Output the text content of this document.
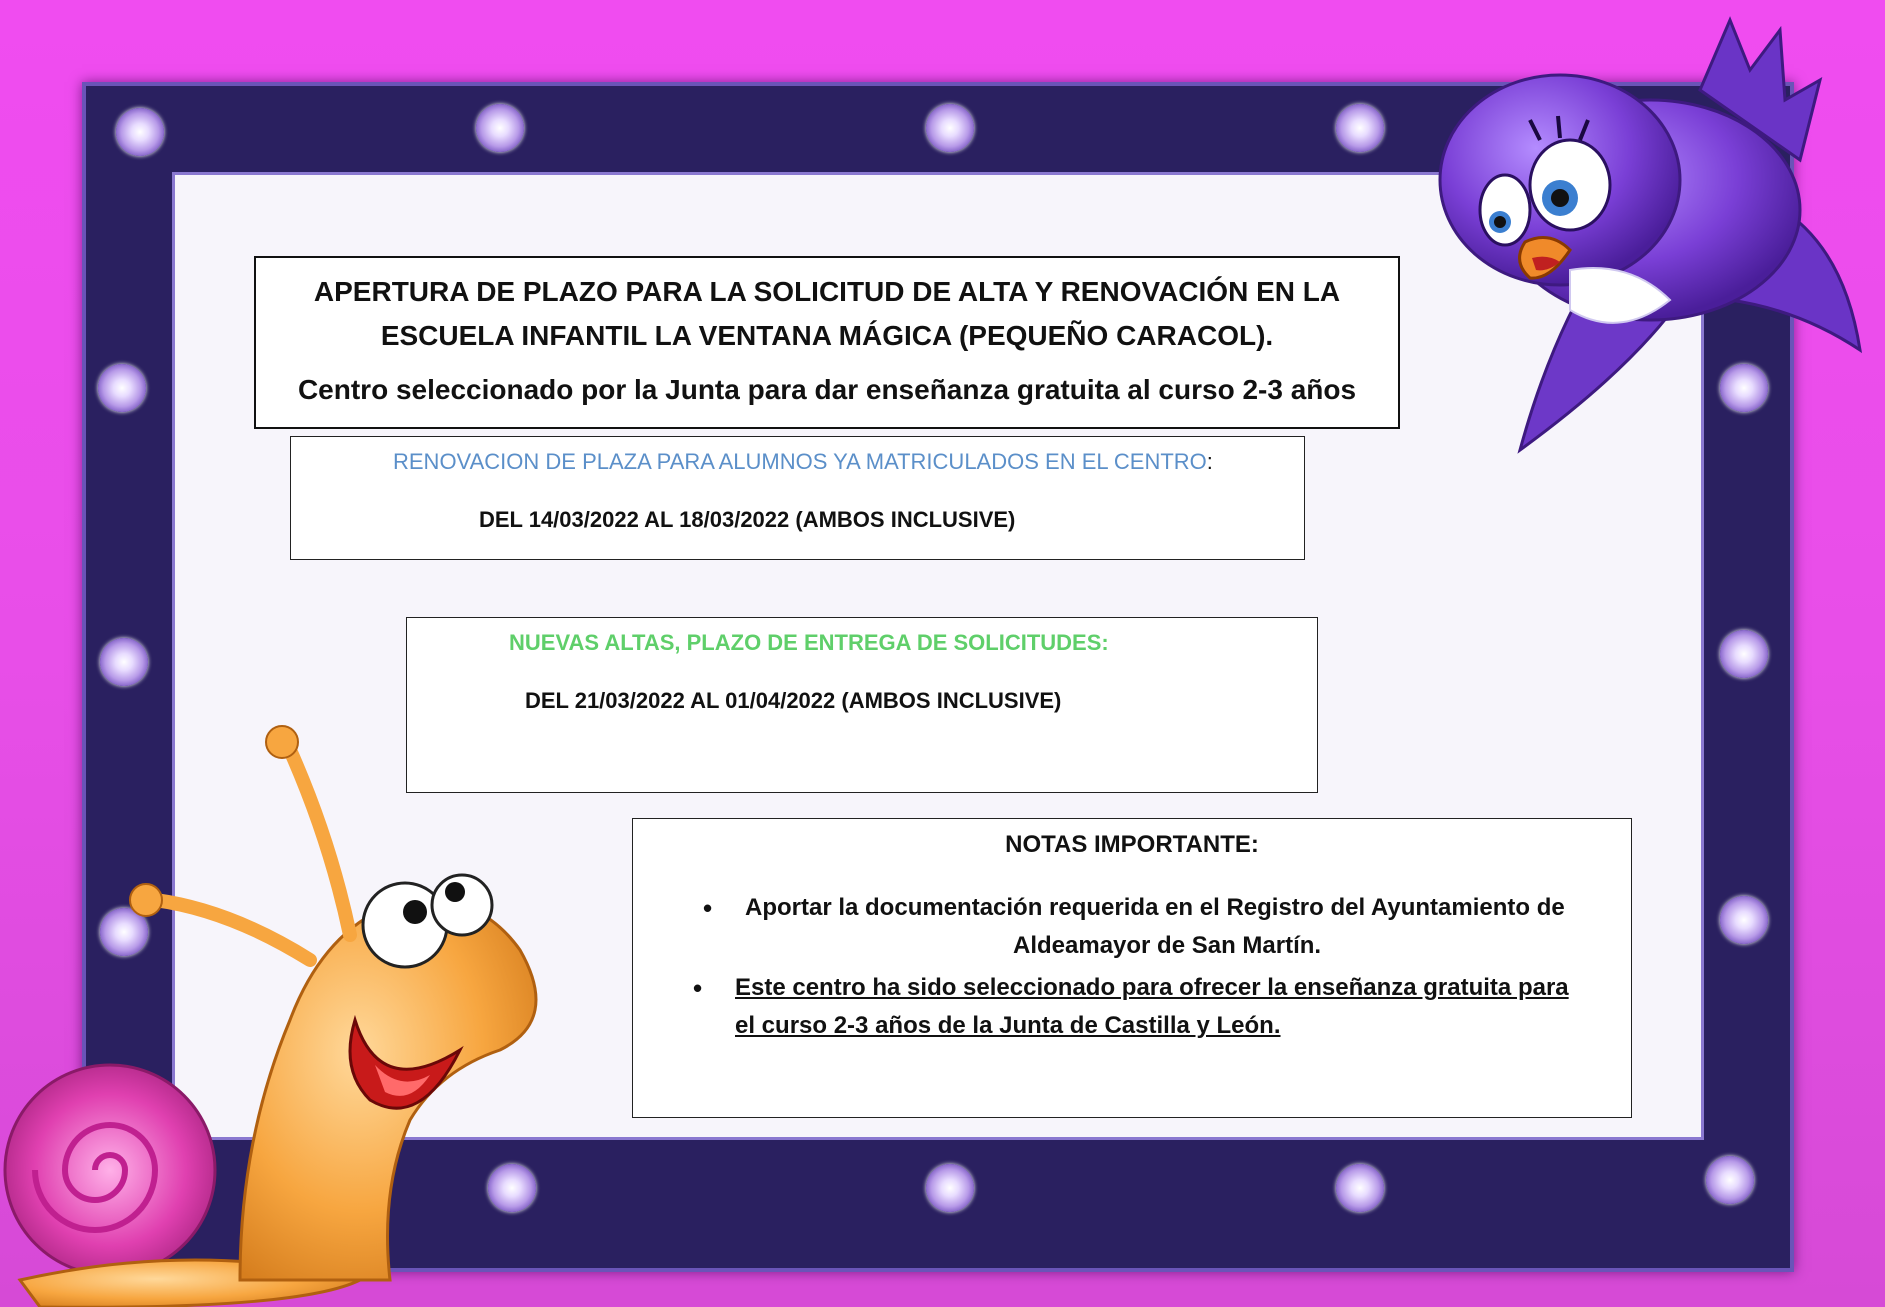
APERTURA DE PLAZO PARA LA SOLICITUD DE ALTA Y RENOVACIÓN EN LA
ESCUELA INFANTIL LA VENTANA MÁGICA (PEQUEÑO CARACOL).
Centro seleccionado por la Junta para dar enseñanza gratuita al curso 2-3 años
RENOVACION DE PLAZA PARA ALUMNOS YA MATRICULADOS EN EL CENTRO:
DEL 14/03/2022 AL 18/03/2022 (AMBOS INCLUSIVE)
NUEVAS ALTAS, PLAZO DE ENTREGA DE SOLICITUDES:
DEL 21/03/2022 AL 01/04/2022 (AMBOS INCLUSIVE)
NOTAS IMPORTANTE:
• Aportar la documentación requerida en el Registro del Ayuntamiento de
Aldeamayor de San Martín.
• Este centro ha sido seleccionado para ofrecer la enseñanza gratuita para
el curso 2-3 años de la Junta de Castilla y León.
